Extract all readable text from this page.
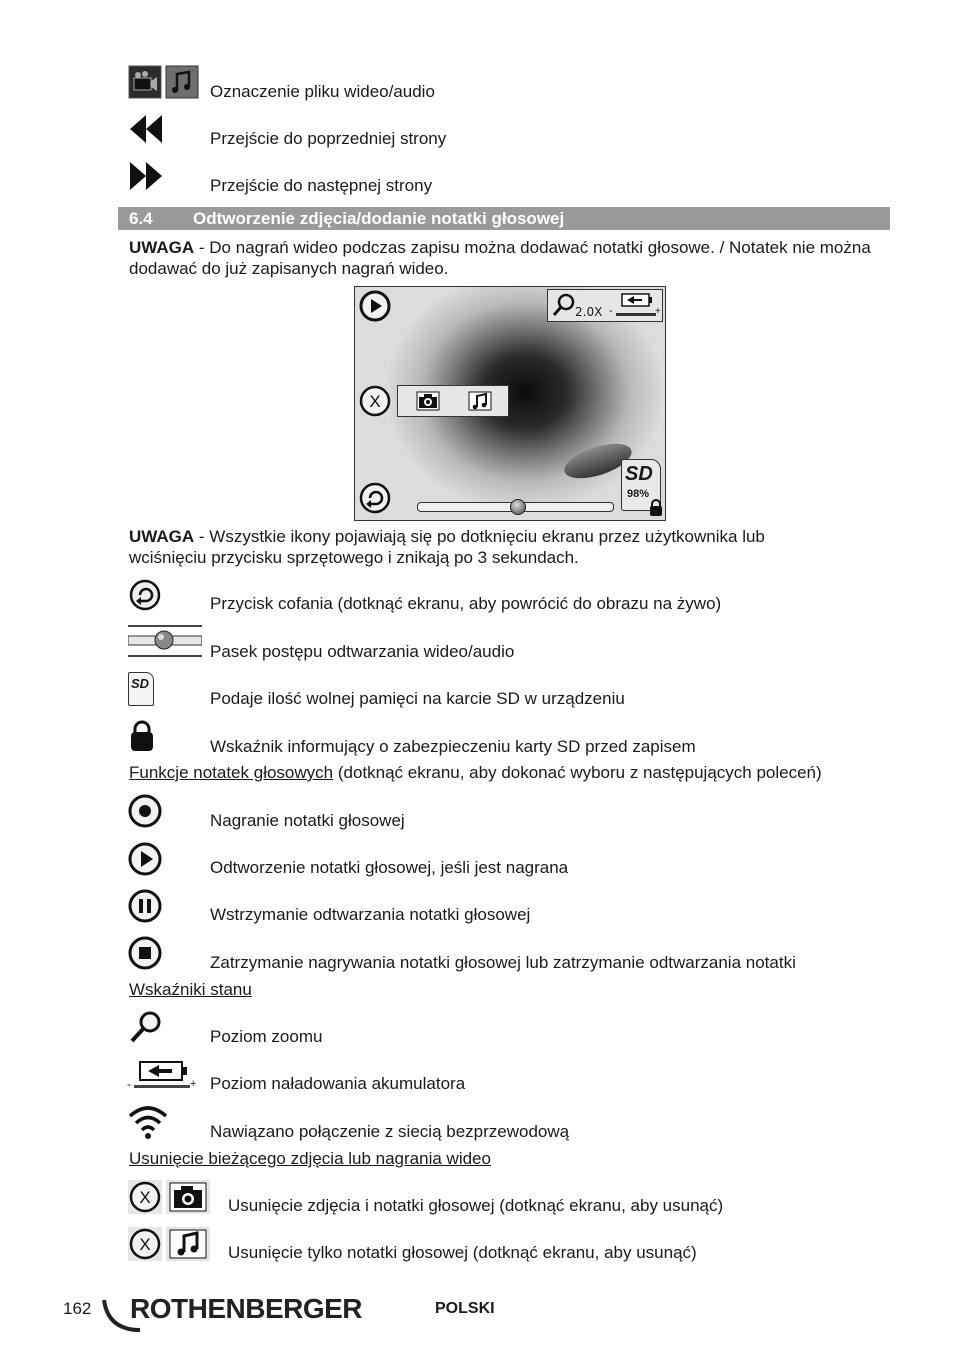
Oznaczenie pliku wideo/audio
Przejście do poprzedniej strony
Przejście do następnej strony
6.4 Odtworzenie zdjęcia/dodanie notatki głosowej
UWAGA - Do nagrań wideo podczas zapisu można dodawać notatki głosowe. / Notatek nie można dodawać do już zapisanych nagrań wideo.
2.0X -	+
X
SD
98%
UWAGA - Wszystkie ikony pojawiają się po dotknięciu ekranu przez użytkownika lub wciśnięciu przycisku sprzętowego i znikają po 3 sekundach.
Przycisk cofania (dotknąć ekranu, aby powrócić do obrazu na żywo)
Pasek postępu odtwarzania wideo/audio
SD
Podaje ilość wolnej pamięci na karcie SD w urządzeniu
Wskaźnik informujący o zabezpieczeniu karty SD przed zapisem
Funkcje notatek głosowych (dotknąć ekranu, aby dokonać wyboru z następujących poleceń)
Nagranie notatki głosowej
Odtworzenie notatki głosowej, jeśli jest nagrana
Wstrzymanie odtwarzania notatki głosowej
Zatrzymanie nagrywania notatki głosowej lub zatrzymanie odtwarzania notatki
Wskaźniki stanu
Poziom zoomu
-	+ Poziom naładowania akumulatora
Nawiązano połączenie z siecią bezprzewodową
Usunięcie bieżącego zdjęcia lub nagrania wideo
X	Usunięcie zdjęcia i notatki głosowej (dotknąć ekranu, aby usunąć)
X	Usunięcie tylko notatki głosowej (dotknąć ekranu, aby usunąć)
162 ROTHENBERGER	POLSKI
